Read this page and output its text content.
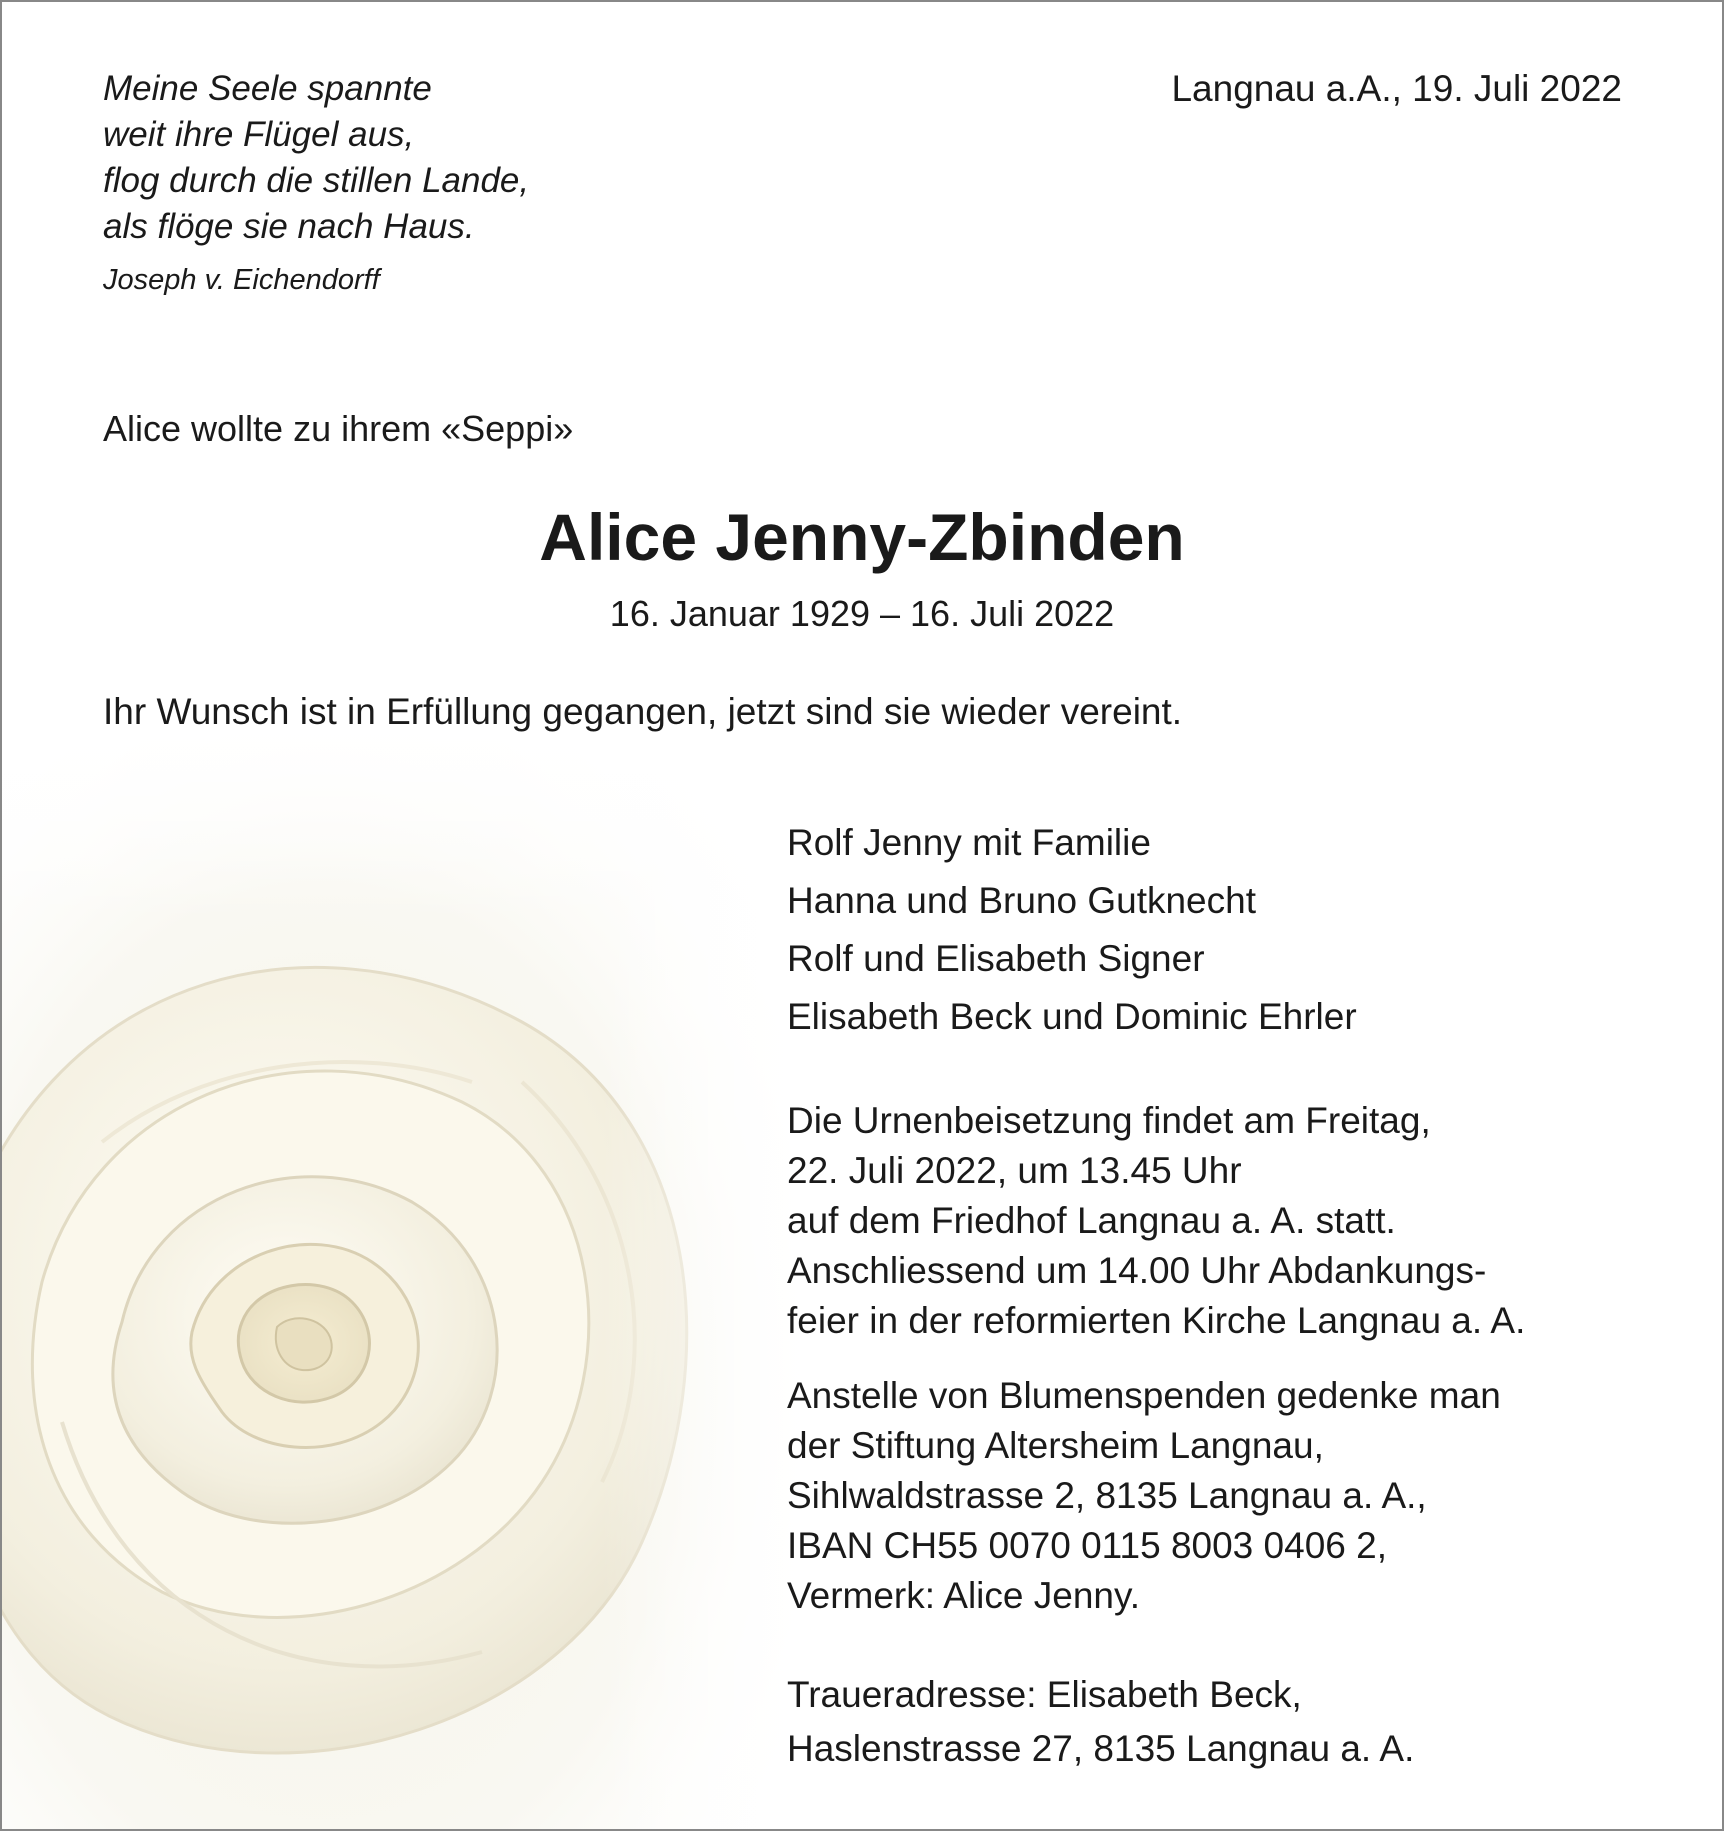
Meine Seele spannte
weit ihre Flügel aus,
flog durch die stillen Lande,
als flöge sie nach Haus.
Joseph v. Eichendorff
Langnau a.A., 19. Juli 2022
Alice wollte zu ihrem «Seppi»
Alice Jenny-Zbinden
16. Januar 1929 – 16. Juli 2022
Ihr Wunsch ist in Erfüllung gegangen, jetzt sind sie wieder vereint.
Rolf Jenny mit Familie
Hanna und Bruno Gutknecht
Rolf und Elisabeth Signer
Elisabeth Beck und Dominic Ehrler
Die Urnenbeisetzung findet am Freitag,
22. Juli 2022, um 13.45 Uhr
auf dem Friedhof Langnau a. A. statt.
Anschliessend um 14.00 Uhr Abdankungs-
feier in der reformierten Kirche Langnau a. A.
Anstelle von Blumenspenden gedenke man
der Stiftung Altersheim Langnau,
Sihlwaldstrasse 2, 8135 Langnau a. A.,
IBAN CH55 0070 0115 8003 0406 2,
Vermerk: Alice Jenny.
Traueradresse: Elisabeth Beck,
Haslenstrasse 27, 8135 Langnau a. A.
